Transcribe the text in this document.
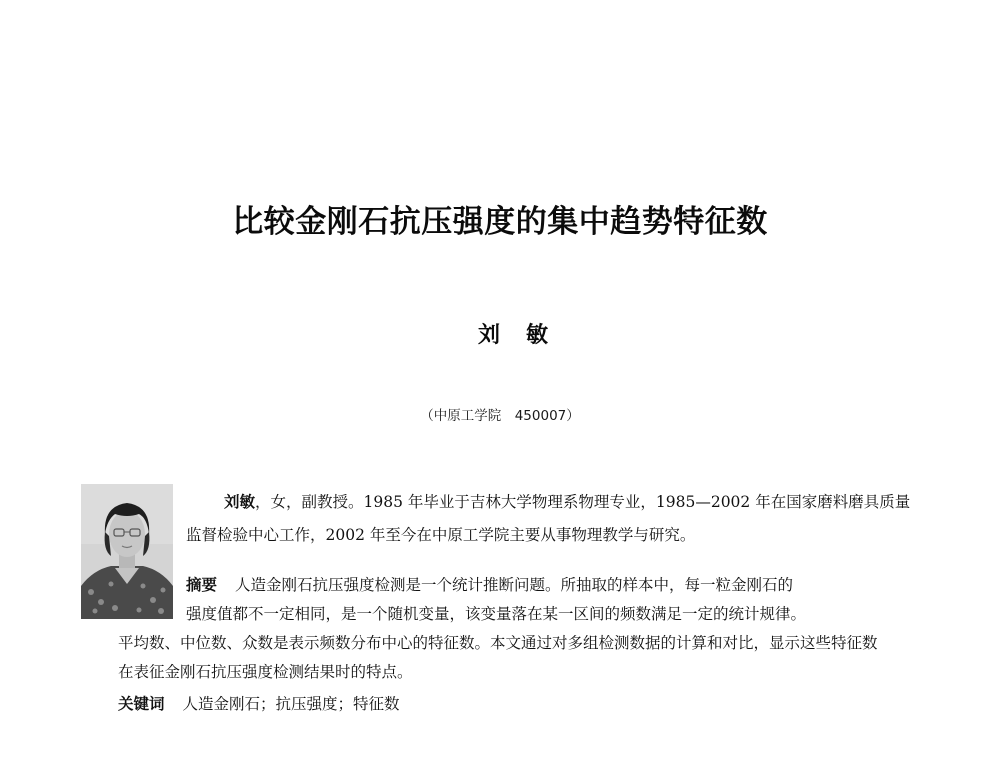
比较金刚石抗压强度的集中趋势特征数
刘敏
（中原工学院　450007）
刘敏，女，副教授。1985 年毕业于吉林大学物理系物理专业，1985—2002 年在国家磨料磨具质量监督检验中心工作，2002 年至今在中原工学院主要从事物理教学与研究。
摘要 人造金刚石抗压强度检测是一个统计推断问题。所抽取的样本中，每一粒金刚石的
强度值都不一定相同，是一个随机变量，该变量落在某一区间的频数满足一定的统计规律。
平均数、中位数、众数是表示频数分布中心的特征数。本文通过对多组检测数据的计算和对比，显示这些特征数在表征金刚石抗压强度检测结果时的特点。
关键词 人造金刚石；抗压强度；特征数
